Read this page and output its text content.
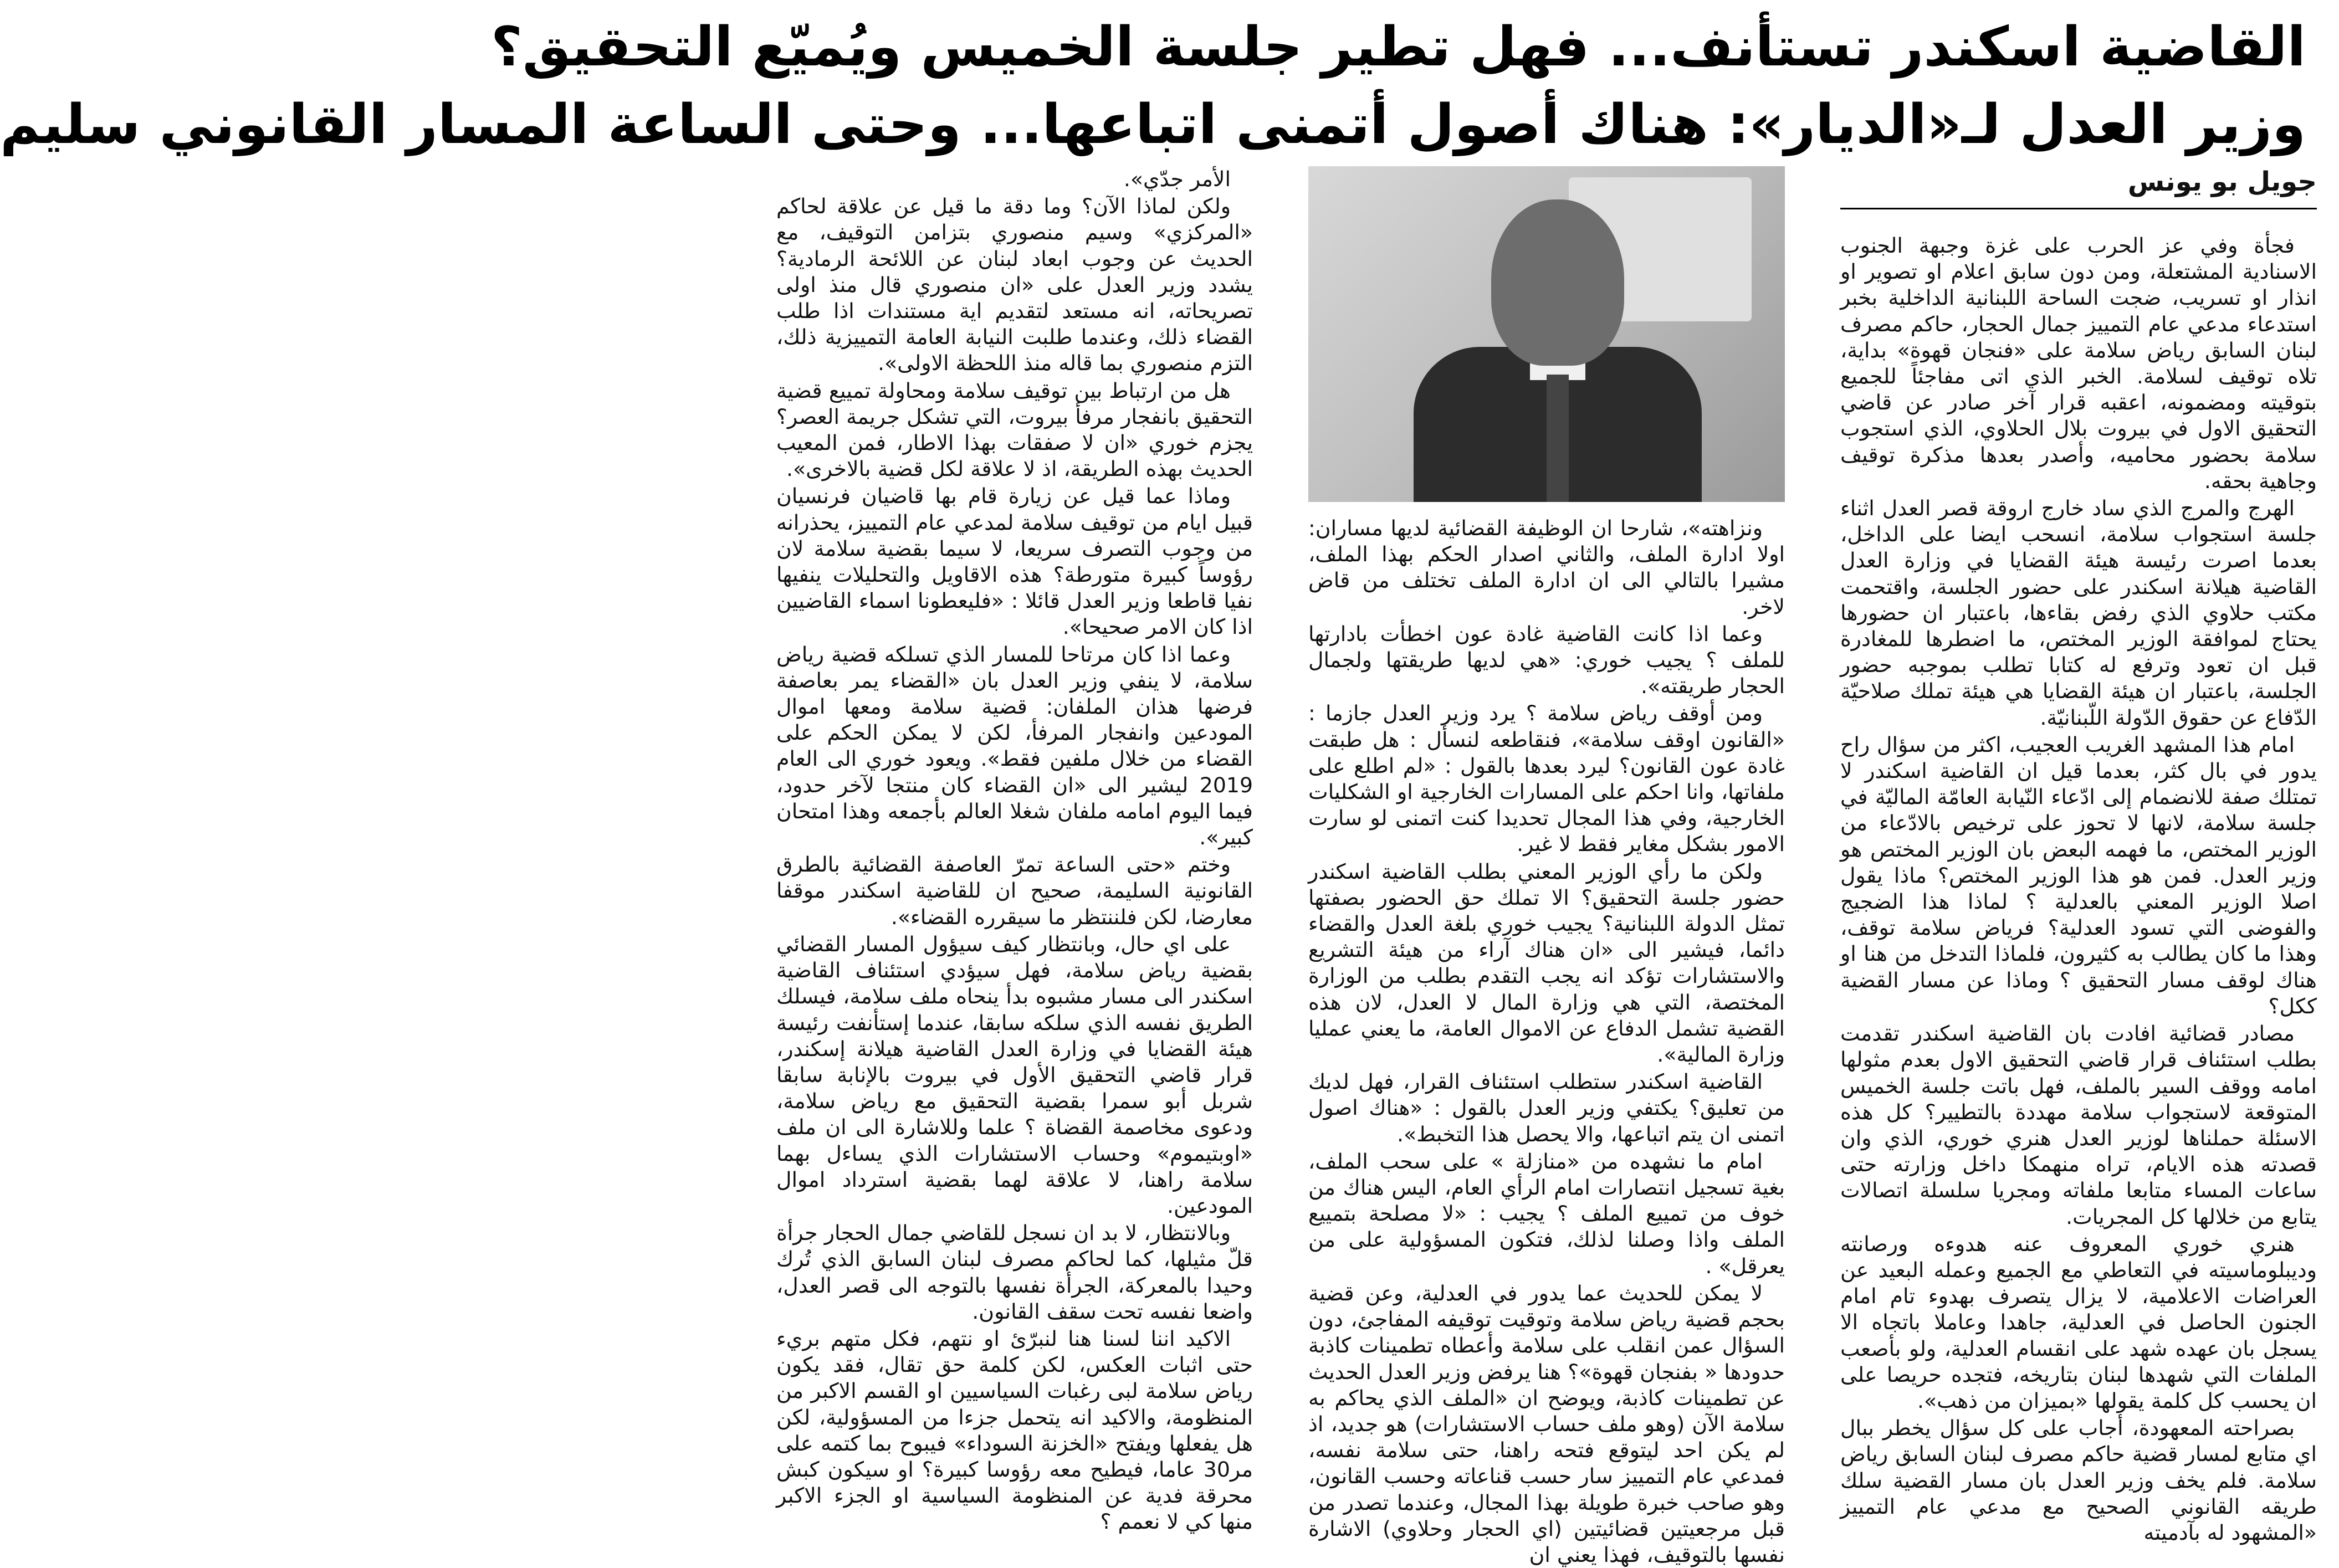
القاضية اسكندر تستأنف... فهل تطير جلسة الخميس ويُميّع التحقيق؟
وزير العدل لـ«الديار»: هناك أصول أتمنى اتباعها... وحتى الساعة المسار القانوني سليم
جويل بو يونس

فجأة وفي عز الحرب على غزة وجبهة الجنوب الاسنادية المشتعلة، ومن دون سابق اعلام او تصوير او انذار او تسريب، ضجت الساحة اللبنانية الداخلية بخبر استدعاء مدعي عام التمييز جمال الحجار، حاكم مصرف لبنان السابق رياض سلامة على «فنجان قهوة» بداية، تلاه توقيف لسلامة. الخبر الذي اتى مفاجئاً للجميع بتوقيته ومضمونه، اعقبه قرار آخر صادر عن قاضي التحقيق الاول في بيروت بلال الحلاوي، الذي استجوب سلامة بحضور محاميه، وأصدر بعدها مذكرة توقيف وجاهية بحقه.

الهرج والمرج الذي ساد خارج اروقة قصر العدل اثناء جلسة استجواب سلامة، انسحب ايضا على الداخل، بعدما اصرت رئيسة هيئة القضايا في وزارة العدل القاضية هيلانة اسكندر على حضور الجلسة، واقتحمت مكتب حلاوي الذي رفض بقاءها، باعتبار ان حضورها يحتاج لموافقة الوزير المختص، ما اضطرها للمغادرة قبل ان تعود وترفع له كتابا تطلب بموجبه حضور الجلسة، باعتبار ان هيئة القضايا هي هيئة تملك صلاحيّة الدّفاع عن حقوق الدّولة اللّبنانيّة.

امام هذا المشهد الغريب العجيب، اكثر من سؤال راح يدور في بال كثر، بعدما قيل ان القاضية اسكندر لا تمتلك صفة للانضمام إلى ادّعاء النّيابة العامّة الماليّة في جلسة سلامة، لانها لا تحوز على ترخيص بالادّعاء من الوزير المختص، ما فهمه البعض بان الوزير المختص هو وزير العدل. فمن هو هذا الوزير المختص؟ ماذا يقول اصلا الوزير المعني بالعدلية ؟ لماذا هذا الضجيج والفوضى التي تسود العدلية؟ فرياض سلامة توقف، وهذا ما كان يطالب به كثيرون، فلماذا التدخل من هنا او هناك لوقف مسار التحقيق ؟ وماذا عن مسار القضية ككل؟

مصادر قضائية افادت بان القاضية اسكندر تقدمت بطلب استئناف قرار قاضي التحقيق الاول بعدم مثولها امامه ووقف السير بالملف، فهل باتت جلسة الخميس المتوقعة لاستجواب سلامة مهددة بالتطيير؟ كل هذه الاسئلة حملناها لوزير العدل هنري خوري، الذي وان قصدته هذه الايام، تراه منهمكا داخل وزارته حتى ساعات المساء متابعا ملفاته ومجريا سلسلة اتصالات يتابع من خلالها كل المجريات.

هنري خوري المعروف عنه هدوءه ورصانته وديبلوماسيته في التعاطي مع الجميع وعمله البعيد عن العراضات الاعلامية، لا يزال يتصرف بهدوء تام امام الجنون الحاصل في العدلية، جاهدا وعاملا باتجاه الا يسجل بان عهده شهد على انقسام العدلية، ولو بأصعب الملفات التي شهدها لبنان بتاريخه، فتجده حريصا على ان يحسب كل كلمة يقولها «بميزان من ذهب».

بصراحته المعهودة، أجاب على كل سؤال يخطر ببال اي متابع لمسار قضية حاكم مصرف لبنان السابق رياض سلامة. فلم يخف وزير العدل بان مسار القضية سلك طريقه القانوني الصحيح مع مدعي عام التمييز «المشهود له بآدميته

ونزاهته»، شارحا ان الوظيفة القضائية لديها مساران: اولا ادارة الملف، والثاني اصدار الحكم بهذا الملف، مشيرا بالتالي الى ان ادارة الملف تختلف من قاض لاخر.

وعما اذا كانت القاضية غادة عون اخطأت بادارتها للملف ؟ يجيب خوري: «هي لديها طريقتها ولجمال الحجار طريقته».

ومن أوقف رياض سلامة ؟ يرد وزير العدل جازما : «القانون اوقف سلامة»، فنقاطعه لنسأل : هل طبقت غادة عون القانون؟ ليرد بعدها بالقول : «لم اطلع على ملفاتها، وانا احكم على المسارات الخارجية او الشكليات الخارجية، وفي هذا المجال تحديدا كنت اتمنى لو سارت الامور بشكل مغاير فقط لا غير.

ولكن ما رأي الوزير المعني بطلب القاضية اسكندر حضور جلسة التحقيق؟ الا تملك حق الحضور بصفتها تمثل الدولة اللبنانية؟ يجيب خوري بلغة العدل والقضاء دائما، فيشير الى «ان هناك آراء من هيئة التشريع والاستشارات تؤكد انه يجب التقدم بطلب من الوزارة المختصة، التي هي وزارة المال لا العدل، لان هذه القضية تشمل الدفاع عن الاموال العامة، ما يعني عمليا وزارة المالية».

القاضية اسكندر ستطلب استئناف القرار، فهل لديك من تعليق؟ يكتفي وزير العدل بالقول : «هناك اصول اتمنى ان يتم اتباعها، والا يحصل هذا التخبط».

امام ما نشهده من «منازلة » على سحب الملف، بغية تسجيل انتصارات امام الرأي العام، اليس هناك من خوف من تمييع الملف ؟ يجيب : «لا مصلحة بتمييع الملف واذا وصلنا لذلك، فتكون المسؤولية على من يعرقل» .

لا يمكن للحديث عما يدور في العدلية، وعن قضية بحجم قضية رياض سلامة وتوقيت توقيفه المفاجئ، دون السؤال عمن انقلب على سلامة وأعطاه تطمينات كاذبة حدودها « بفنجان قهوة»؟ هنا يرفض وزير العدل الحديث عن تطمينات كاذبة، ويوضح ان «الملف الذي يحاكم به سلامة الآن (وهو ملف حساب الاستشارات) هو جديد، اذ لم يكن احد ليتوقع فتحه راهنا، حتى سلامة نفسه، فمدعي عام التمييز سار حسب قناعاته وحسب القانون، وهو صاحب خبرة طويلة بهذا المجال، وعندما تصدر من قبل مرجعيتين قضائيتين (اي الحجار وحلاوي) الاشارة نفسها بالتوقيف، فهذا يعني ان

الأمر جدّي».

ولكن لماذا الآن؟ وما دقة ما قيل عن علاقة لحاكم «المركزي» وسيم منصوري بتزامن التوقيف، مع الحديث عن وجوب ابعاد لبنان عن اللائحة الرمادية؟ يشدد وزير العدل على «ان منصوري قال منذ اولى تصريحاته، انه مستعد لتقديم اية مستندات اذا طلب القضاء ذلك، وعندما طلبت النيابة العامة التمييزية ذلك، التزم منصوري بما قاله منذ اللحظة الاولى».

هل من ارتباط بين توقيف سلامة ومحاولة تمييع قضية التحقيق بانفجار مرفأ بيروت، التي تشكل جريمة العصر؟ يجزم خوري «ان لا صفقات بهذا الاطار، فمن المعيب الحديث بهذه الطريقة، اذ لا علاقة لكل قضية بالاخرى».

وماذا عما قيل عن زيارة قام بها قاضيان فرنسيان قبيل ايام من توقيف سلامة لمدعي عام التمييز، يحذرانه من وجوب التصرف سريعا، لا سيما بقضية سلامة لان رؤوساً كبيرة متورطة؟ هذه الاقاويل والتحليلات ينفيها نفيا قاطعا وزير العدل قائلا : «فليعطونا اسماء القاضيين اذا كان الامر صحيحا».

وعما اذا كان مرتاحا للمسار الذي تسلكه قضية رياض سلامة، لا ينفي وزير العدل بان «القضاء يمر بعاصفة فرضها هذان الملفان: قضية سلامة ومعها اموال المودعين وانفجار المرفأ، لكن لا يمكن الحكم على القضاء من خلال ملفين فقط». ويعود خوري الى العام 2019 ليشير الى «ان القضاء كان منتجا لآخر حدود، فيما اليوم امامه ملفان شغلا العالم بأجمعه وهذا امتحان كبير».

وختم «حتى الساعة تمرّ العاصفة القضائية بالطرق القانونية السليمة، صحيح ان للقاضية اسكندر موقفا معارضا، لكن فلننتظر ما سيقرره القضاء».

على اي حال، وبانتظار كيف سيؤول المسار القضائي بقضية رياض سلامة، فهل سيؤدي استئناف القاضية اسكندر الى مسار مشبوه بدأ ينحاه ملف سلامة، فيسلك الطريق نفسه الذي سلكه سابقا، عندما إستأنفت رئيسة هيئة القضايا في وزارة العدل القاضية هيلانة إسكندر، قرار قاضي التحقيق الأول في بيروت بالإنابة سابقا شربل أبو سمرا بقضية التحقيق مع رياض سلامة، ودعوى مخاصمة القضاة ؟ علما وللاشارة الى ان ملف «اوبتيموم» وحساب الاستشارات الذي يساءل بهما سلامة راهنا، لا علاقة لهما بقضية استرداد اموال المودعين.

وبالانتظار، لا بد ان نسجل للقاضي جمال الحجار جرأة قلّ مثيلها، كما لحاكم مصرف لبنان السابق الذي تُرك وحيدا بالمعركة، الجرأة نفسها بالتوجه الى قصر العدل، واضعا نفسه تحت سقف القانون.

الاكيد اننا لسنا هنا لنبرّئ او نتهم، فكل متهم بريء حتى اثبات العكس، لكن كلمة حق تقال، فقد يكون رياض سلامة لبى رغبات السياسيين او القسم الاكبر من المنظومة، والاكيد انه يتحمل جزءا من المسؤولية، لكن هل يفعلها ويفتح «الخزنة السوداء» فيبوح بما كتمه على مر30 عاما، فيطيح معه رؤوسا كبيرة؟ او سيكون كبش محرقة فدية عن المنظومة السياسية او الجزء الاكبر منها كي لا نعمم ؟
